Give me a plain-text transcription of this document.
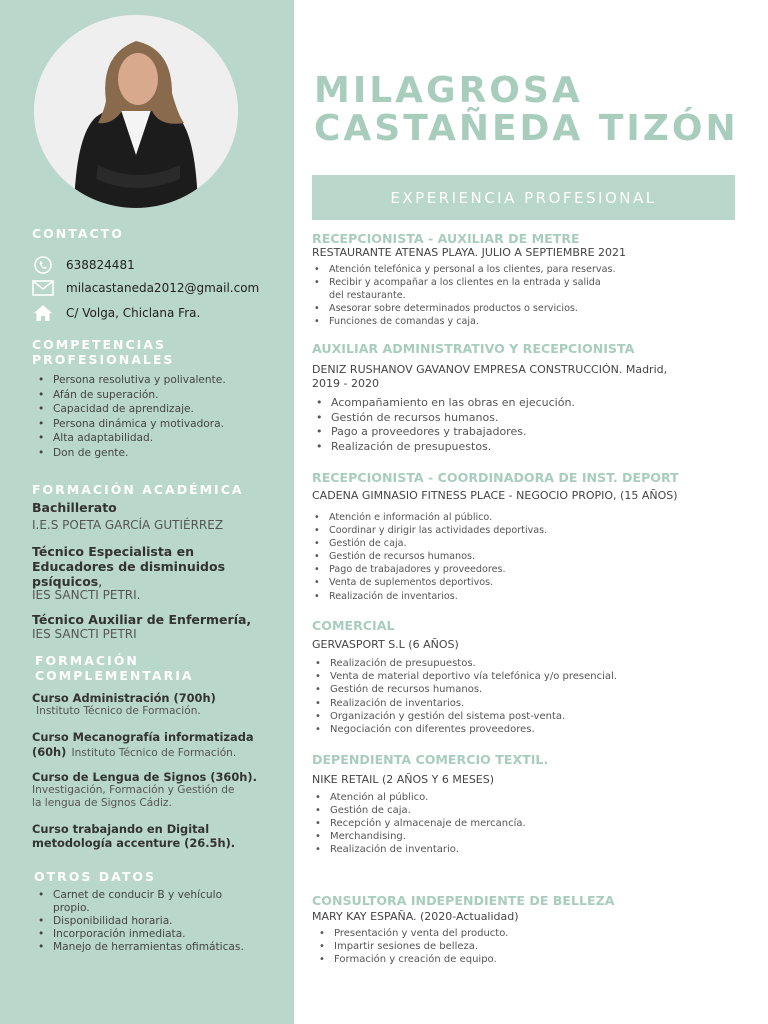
CONTACTO
638824481
milacastaneda2012@gmail.com
C/ Volga, Chiclana Fra.
COMPETENCIAS
PROFESIONALES
• Persona resolutiva y polivalente.
• Afán de superación.
• Capacidad de aprendizaje.
• Persona dinámica y motivadora.
• Alta adaptabilidad.
• Don de gente.
FORMACIÓN ACADÉMICA
Bachillerato
I.E.S POETA GARCÍA GUTIÉRREZ
Técnico Especialista en
Educadores de disminuidos
psíquicos,
IES SANCTI PETRI.
Técnico Auxiliar de Enfermería,
IES SANCTI PETRI
FORMACIÓN
COMPLEMENTARIA
Curso Administración (700h)
Instituto Técnico de Formación.
Curso Mecanografía informatizada
(60h) Instituto Técnico de Formación.
Curso de Lengua de Signos (360h).
Investigación, Formación y Gestión de
la lengua de Signos Cádiz.
Curso trabajando en Digital
metodología accenture (26.5h).
OTROS DATOS
• Carnet de conducir B y vehículo
propio.
• Disponibilidad horaria.
• Incorporación inmediata.
• Manejo de herramientas ofimáticas.
MILAGROSA
CASTAÑEDA TIZÓN
EXPERIENCIA PROFESIONAL
RECEPCIONISTA - AUXILIAR DE METRE
RESTAURANTE ATENAS PLAYA. JULIO A SEPTIEMBRE 2021
• Atención telefónica y personal a los clientes, para reservas.
• Recibir y acompañar a los clientes en la entrada y salida
del restaurante.
• Asesorar sobre determinados productos o servicios.
• Funciones de comandas y caja.
AUXILIAR ADMINISTRATIVO Y RECEPCIONISTA
DENIZ RUSHANOV GAVANOV EMPRESA CONSTRUCCIÓN. Madrid,
2019 - 2020
• Acompañamiento en las obras en ejecución.
• Gestión de recursos humanos.
• Pago a proveedores y trabajadores.
• Realización de presupuestos.
RECEPCIONISTA - COORDINADORA DE INST. DEPORT
CADENA GIMNASIO FITNESS PLACE - NEGOCIO PROPIO, (15 AÑOS)
• Atención e información al público.
• Coordinar y dirigir las actividades deportivas.
• Gestión de caja.
• Gestión de recursos humanos.
• Pago de trabajadores y proveedores.
• Venta de suplementos deportivos.
• Realización de inventarios.
COMERCIAL
GERVASPORT S.L (6 AÑOS)
• Realización de presupuestos.
• Venta de material deportivo vía telefónica y/o presencial.
• Gestión de recursos humanos.
• Realización de inventarios.
• Organización y gestión del sistema post-venta.
• Negociación con diferentes proveedores.
DEPENDIENTA COMERCIO TEXTIL.
NIKE RETAIL (2 AÑOS Y 6 MESES)
• Atención al público.
• Gestión de caja.
• Recepción y almacenaje de mercancía.
• Merchandising.
• Realización de inventario.
CONSULTORA INDEPENDIENTE DE BELLEZA
MARY KAY ESPAÑA. (2020-Actualidad)
• Presentación y venta del producto.
• Impartir sesiones de belleza.
• Formación y creación de equipo.
